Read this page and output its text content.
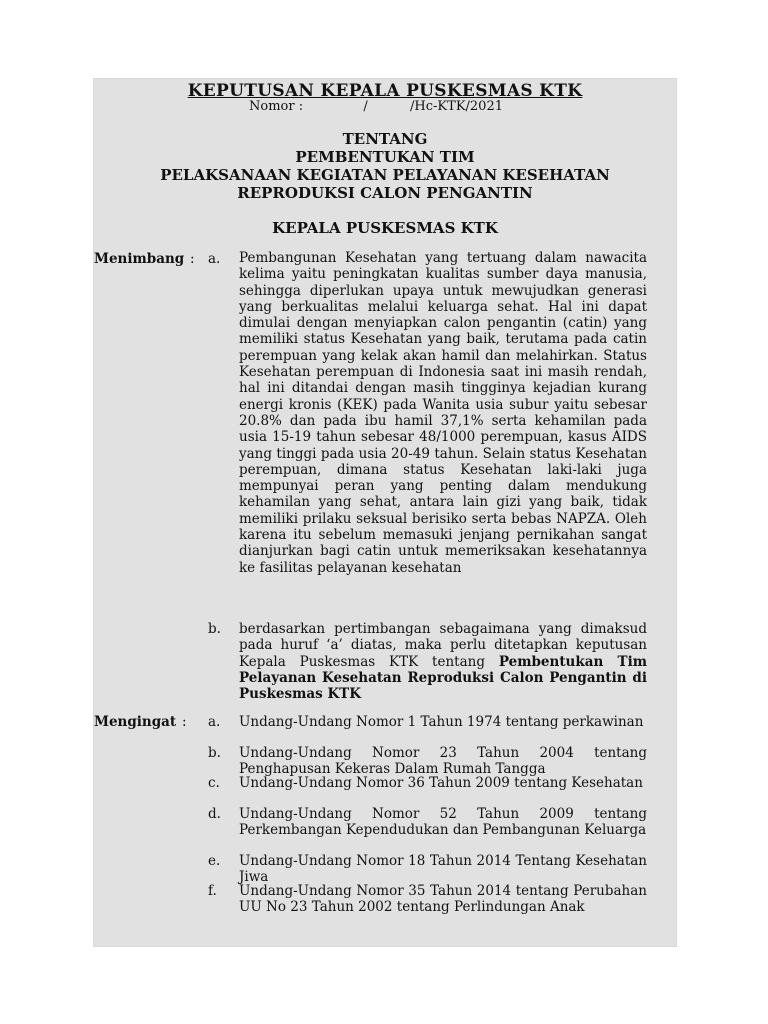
KEPUTUSAN KEPALA PUSKESMAS KTK
Nomor :	/	/Hc-KTK/2021
TENTANG
PEMBENTUKAN TIM
PELAKSANAAN KEGIATAN PELAYANAN KESEHATAN
REPRODUKSI CALON PENGANTIN
KEPALA PUSKESMAS KTK
Menimbang : a. Pembangunan Kesehatan yang tertuang dalam nawacita kelima yaitu peningkatan kualitas sumber daya manusia, sehingga diperlukan upaya untuk mewujudkan generasi yang berkualitas melalui keluarga sehat. Hal ini dapat dimulai dengan menyiapkan calon pengantin (catin) yang memiliki status Kesehatan yang baik, terutama pada catin perempuan yang kelak akan hamil dan melahirkan. Status Kesehatan perempuan di Indonesia saat ini masih rendah, hal ini ditandai dengan masih tingginya kejadian kurang energi kronis (KEK) pada Wanita usia subur yaitu sebesar 20.8% dan pada ibu hamil 37,1% serta kehamilan pada usia 15-19 tahun sebesar 48/1000 perempuan, kasus AIDS yang tinggi pada usia 20-49 tahun. Selain status Kesehatan perempuan, dimana status Kesehatan laki-laki juga mempunyai peran yang penting dalam mendukung kehamilan yang sehat, antara lain gizi yang baik, tidak memiliki prilaku seksual berisiko serta bebas NAPZA. Oleh karena itu sebelum memasuki jenjang pernikahan sangat dianjurkan bagi catin untuk memeriksakan kesehatannya ke fasilitas pelayanan kesehatan
b. berdasarkan pertimbangan sebagaimana yang dimaksud pada huruf ‘a’ diatas, maka perlu ditetapkan keputusan Kepala Puskesmas KTK tentang Pembentukan Tim Pelayanan Kesehatan Reproduksi Calon Pengantin di Puskesmas KTK
Mengingat : a. Undang-Undang Nomor 1 Tahun 1974 tentang perkawinan
b. Undang-Undang Nomor 23 Tahun 2004 tentang Penghapusan Kekeras Dalam Rumah Tangga
c.	Undang-Undang Nomor 36 Tahun 2009 tentang Kesehatan
d. Undang-Undang Nomor 52 Tahun 2009 tentang Perkembangan Kependudukan dan Pembangunan Keluarga
e. Undang-Undang Nomor 18 Tahun 2014 Tentang Kesehatan Jiwa
f.	Undang-Undang Nomor 35 Tahun 2014 tentang Perubahan UU No 23 Tahun 2002 tentang Perlindungan Anak
